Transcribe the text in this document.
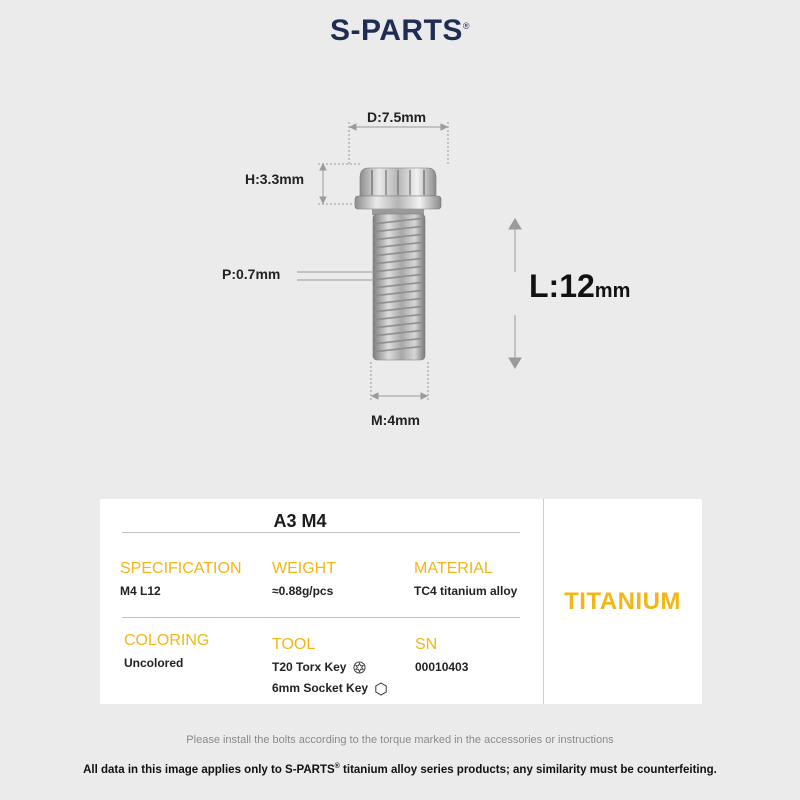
S-PARTS®
D:7.5mm
H:3.3mm
P:0.7mm
M:4mm
L:12mm
A3 M4
SPECIFICATION
M4 L12
WEIGHT
≈0.88g/pcs
MATERIAL
TC4 titanium alloy
COLORING
Uncolored
TOOL
T20 Torx Key
6mm Socket Key
SN
00010403
TITANIUM
Please install the bolts according to the torque marked in the accessories or instructions
All data in this image applies only to S-PARTS® titanium alloy series products; any similarity must be counterfeiting.
